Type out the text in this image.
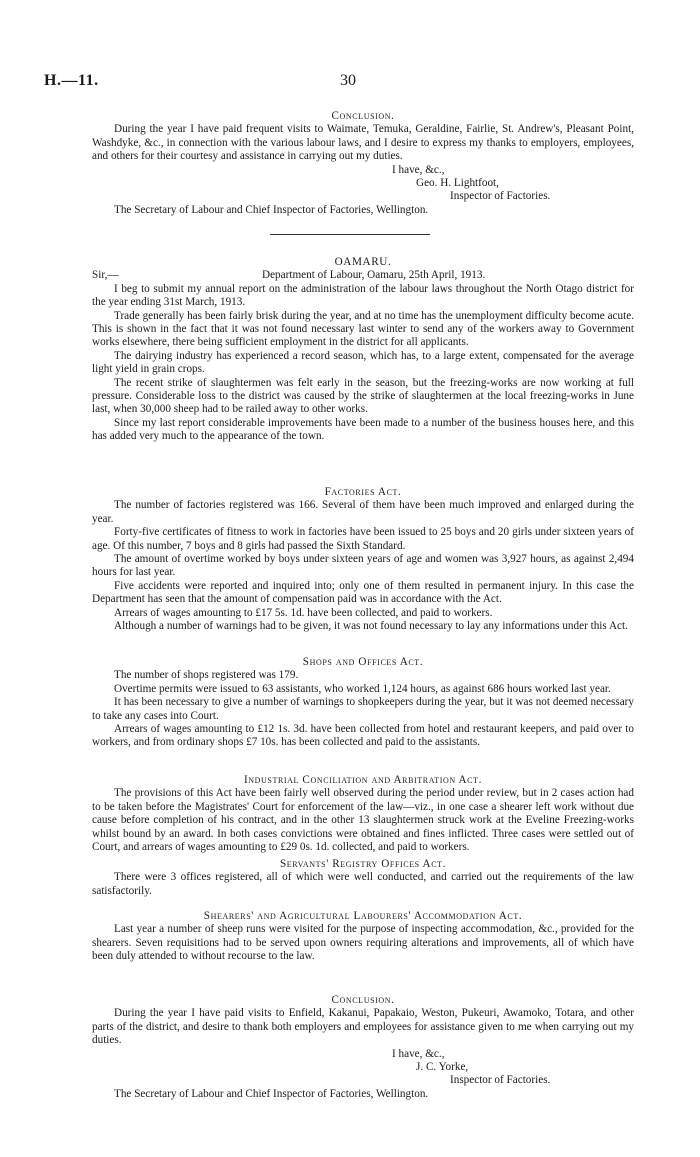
H.—11.	30

Conclusion.

During the year I have paid frequent visits to Waimate, Temuka, Geraldine, Fairlie, St. Andrew's, Pleasant Point, Washdyke, &c., in connection with the various labour laws, and I desire to express my thanks to employers, employees, and others for their courtesy and assistance in carrying out my duties.

I have, &c.,

Geo. H. Lightfoot,

Inspector of Factories.

The Secretary of Labour and Chief Inspector of Factories, Wellington.

OAMARU.

Sir,—	Department of Labour, Oamaru, 25th April, 1913.

I beg to submit my annual report on the administration of the labour laws throughout the North Otago district for the year ending 31st March, 1913.

Trade generally has been fairly brisk during the year, and at no time has the unemployment difficulty become acute. This is shown in the fact that it was not found necessary last winter to send any of the workers away to Government works elsewhere, there being sufficient employment in the district for all applicants.

The dairying industry has experienced a record season, which has, to a large extent, compensated for the average light yield in grain crops.

The recent strike of slaughtermen was felt early in the season, but the freezing-works are now working at full pressure. Considerable loss to the district was caused by the strike of slaughtermen at the local freezing-works in June last, when 30,000 sheep had to be railed away to other works.

Since my last report considerable improvements have been made to a number of the business houses here, and this has added very much to the appearance of the town.

Factories Act.

The number of factories registered was 166. Several of them have been much improved and enlarged during the year.

Forty-five certificates of fitness to work in factories have been issued to 25 boys and 20 girls under sixteen years of age. Of this number, 7 boys and 8 girls had passed the Sixth Standard.

The amount of overtime worked by boys under sixteen years of age and women was 3,927 hours, as against 2,494 hours for last year.

Five accidents were reported and inquired into; only one of them resulted in permanent injury. In this case the Department has seen that the amount of compensation paid was in accordance with the Act.

Arrears of wages amounting to £17 5s. 1d. have been collected, and paid to workers.

Although a number of warnings had to be given, it was not found necessary to lay any informations under this Act.

Shops and Offices Act.

The number of shops registered was 179.

Overtime permits were issued to 63 assistants, who worked 1,124 hours, as against 686 hours worked last year.

It has been necessary to give a number of warnings to shopkeepers during the year, but it was not deemed necessary to take any cases into Court.

Arrears of wages amounting to £12 1s. 3d. have been collected from hotel and restaurant keepers, and paid over to workers, and from ordinary shops £7 10s. has been collected and paid to the assistants.

Industrial Conciliation and Arbitration Act.

The provisions of this Act have been fairly well observed during the period under review, but in 2 cases action had to be taken before the Magistrates' Court for enforcement of the law—viz., in one case a shearer left work without due cause before completion of his contract, and in the other 13 slaughtermen struck work at the Eveline Freezing-works whilst bound by an award. In both cases convictions were obtained and fines inflicted. Three cases were settled out of Court, and arrears of wages amounting to £29 0s. 1d. collected, and paid to workers.

Servants' Registry Offices Act.

There were 3 offices registered, all of which were well conducted, and carried out the requirements of the law satisfactorily.

Shearers' and Agricultural Labourers' Accommodation Act.

Last year a number of sheep runs were visited for the purpose of inspecting accommodation, &c., provided for the shearers. Seven requisitions had to be served upon owners requiring alterations and improvements, all of which have been duly attended to without recourse to the law.

Conclusion.

During the year I have paid visits to Enfield, Kakanui, Papakaio, Weston, Pukeuri, Awamoko, Totara, and other parts of the district, and desire to thank both employers and employees for assistance given to me when carrying out my duties.

I have, &c.,

J. C. Yorke,

Inspector of Factories.

The Secretary of Labour and Chief Inspector of Factories, Wellington.
